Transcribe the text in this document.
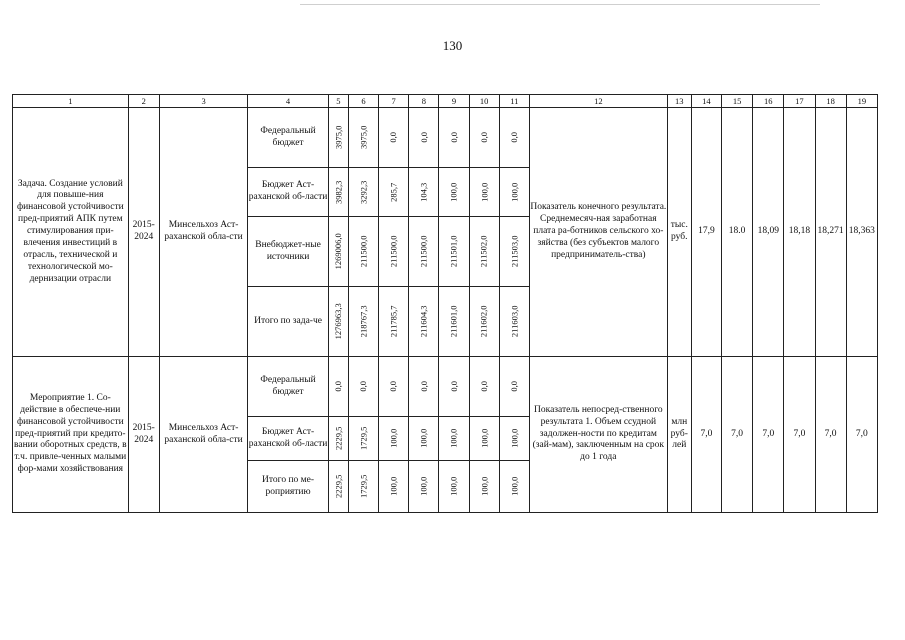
130
1	2	3	4	5	6	7	8	9	10	11	12	13	14	15	16	17	18	19
Задача. Создание условий для повыше-ния финансовой устойчивости пред-приятий АПК путем стимулирования при-влечения инвестиций в отрасль, технической и технологической мо-дернизации отрасли	2015-2024	Минсельхоз Аст-раханской обла-сти	Федеральный бюджет	3975,0	3975,0	0,0	0,0	0,0	0,0	0,0	Показатель конечного результата. Среднемесяч-ная заработная плата ра-ботников сельского хо-зяйства (без субъектов малого предприниматель-ства)	тыс. руб.	17,9	18.0	18,09	18,18	18,271	18,363
			Бюджет Аст-раханской об-ласти	3982,3	3292,3	285,7	104,3	100,0	100,0	100,0								

			Внебюджет-ные источники	1269006,0	211500,0	211500,0	211500,0	211501,0	211502,0	211503,0								

			Итого по зада-че	1276963,3	218767,3	211785,7	211604,3	211601,0	211602,0	211603,0								

Мероприятие 1. Со-действие в обеспече-нии финансовой устойчивости пред-приятий при кредито-вании оборотных средств, в т.ч. привле-ченных малыми фор-мами хозяйствования	2015-2024	Минсельхоз Аст-раханской обла-сти	Федеральный бюджет	0,0	0,0	0,0	0,0	0,0	0,0	0,0	Показатель непосред-ственного результата 1. Объем ссудной задолжен-ности по кредитам (зай-мам), заключенным на срок до 1 года	млн руб-лей	7,0	7,0	7,0	7,0	7,0	7,0
			Бюджет Аст-раханской об-ласти	2229,5	1729,5	100,0	100,0	100,0	100,0	100,0								

			Итого по ме-роприятию	2229,5	1729,5	100,0	100,0	100,0	100,0	100,0								
